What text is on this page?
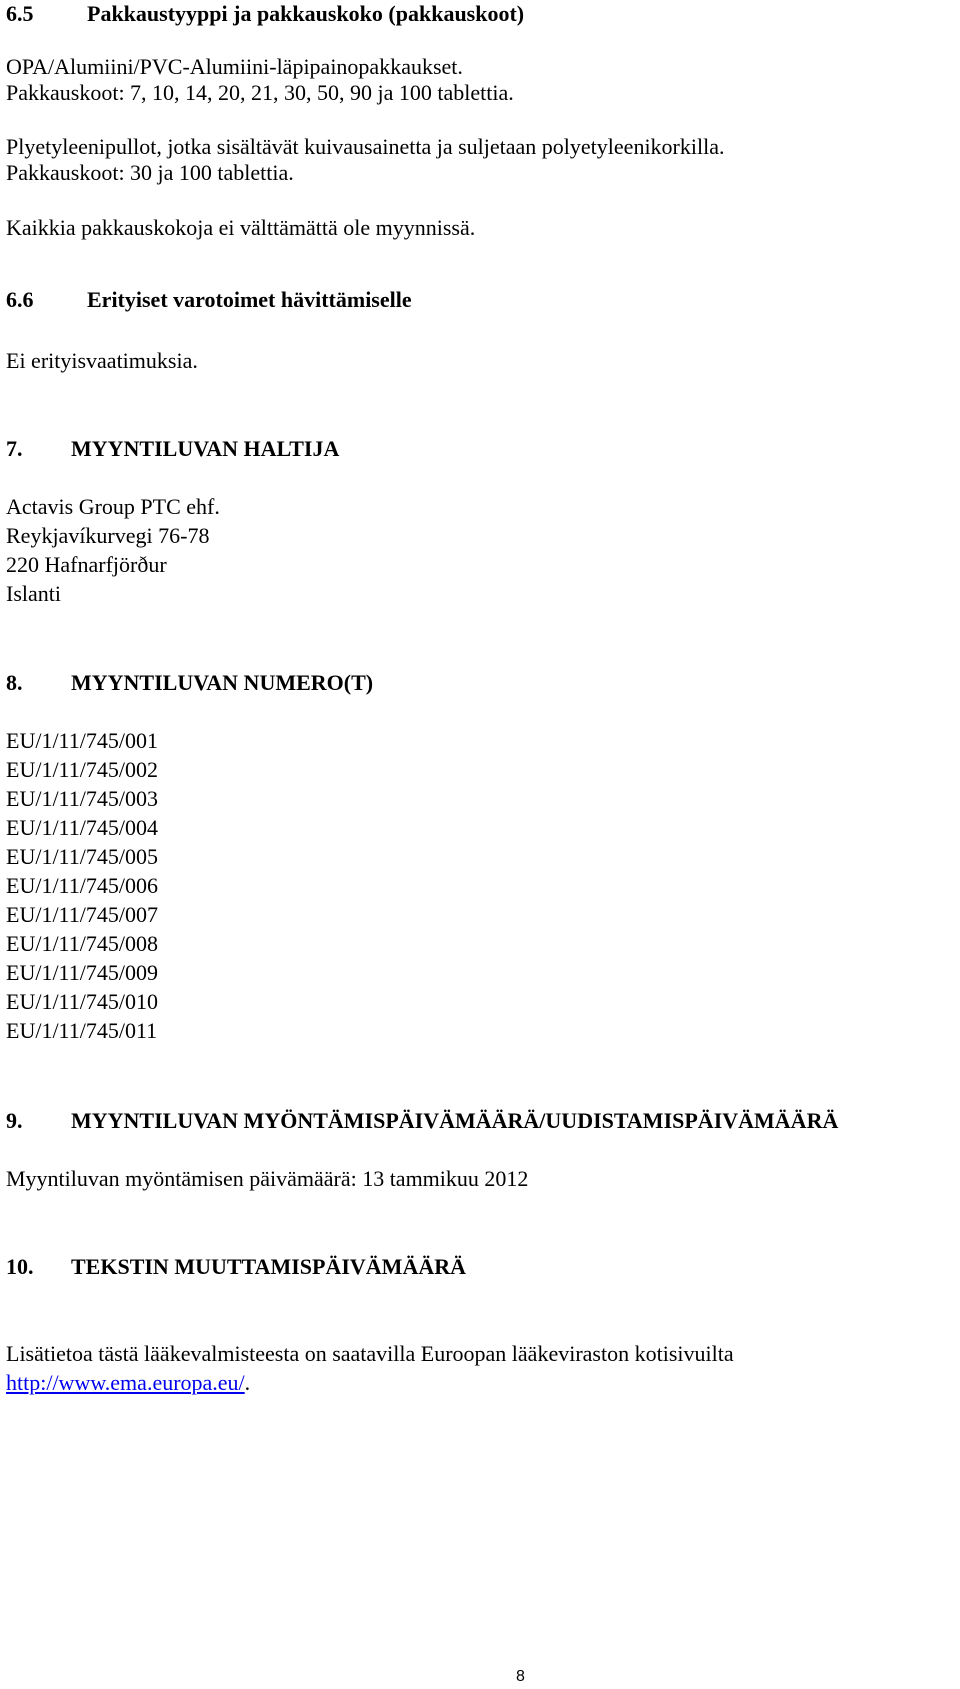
6.5 Pakkaustyyppi ja pakkauskoko (pakkauskoot)
OPA/Alumiini/PVC-Alumiini-läpipainopakkaukset.
Pakkauskoot: 7, 10, 14, 20, 21, 30, 50, 90 ja 100 tablettia.
Plyetyleenipullot, jotka sisältävät kuivausainetta ja suljetaan polyetyleenikorkilla.
Pakkauskoot: 30 ja 100 tablettia.
Kaikkia pakkauskokoja ei välttämättä ole myynnissä.
6.6 Erityiset varotoimet hävittämiselle
Ei erityisvaatimuksia.
7. MYYNTILUVAN HALTIJA
Actavis Group PTC ehf.
Reykjavíkurvegi 76-78
220 Hafnarfjörður
Islanti
8. MYYNTILUVAN NUMERO(T)
EU/1/11/745/001
EU/1/11/745/002
EU/1/11/745/003
EU/1/11/745/004
EU/1/11/745/005
EU/1/11/745/006
EU/1/11/745/007
EU/1/11/745/008
EU/1/11/745/009
EU/1/11/745/010
EU/1/11/745/011
9. MYYNTILUVAN MYÖNTÄMISPÄIVÄMÄÄRÄ/UUDISTAMISPÄIVÄMÄÄRÄ
Myyntiluvan myöntämisen päivämäärä: 13 tammikuu 2012
10. TEKSTIN MUUTTAMISPÄIVÄMÄÄRÄ
Lisätietoa tästä lääkevalmisteesta on saatavilla Euroopan lääkeviraston kotisivuilta
http://www.ema.europa.eu/.
8
